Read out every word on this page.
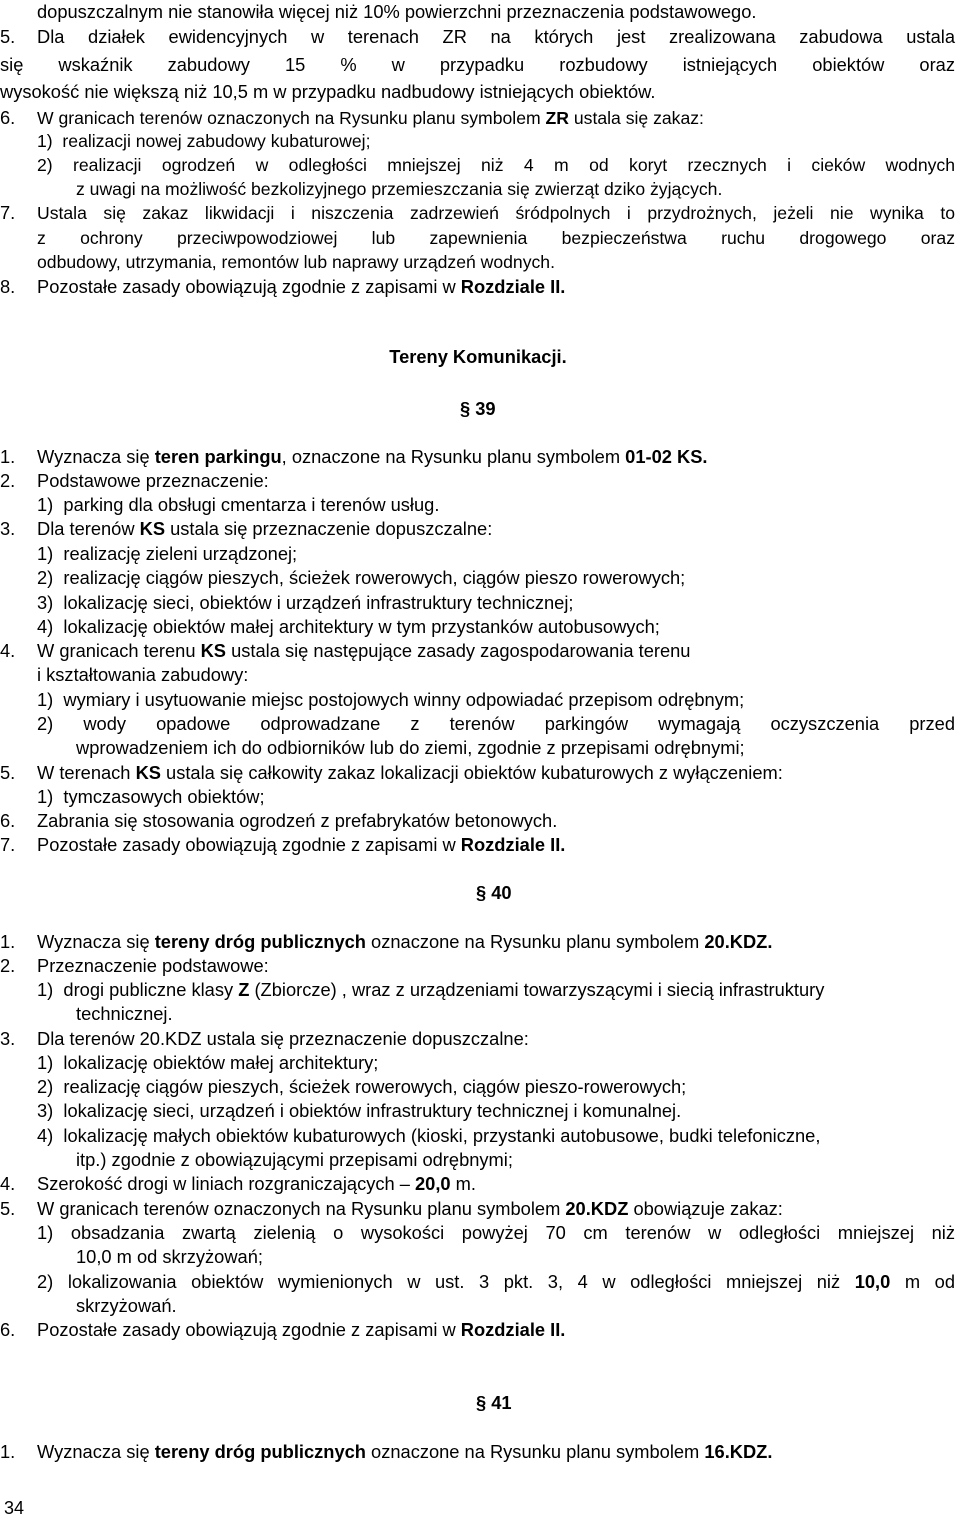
dopuszczalnym nie stanowiła więcej niż 10% powierzchni przeznaczenia podstawowego.
5. Dla działek ewidencyjnych w terenach ZR na których jest zrealizowana zabudowa ustala
się wskaźnik zabudowy 15 % w przypadku rozbudowy istniejących obiektów oraz
wysokość nie większą niż 10,5 m w przypadku nadbudowy istniejących obiektów.
6. W granicach terenów oznaczonych na Rysunku planu symbolem ZR ustala się zakaz:
1)  realizacji nowej zabudowy kubaturowej;
2) realizacji ogrodzeń w odległości mniejszej niż 4 m od koryt rzecznych i cieków wodnych
z uwagi na możliwość bezkolizyjnego przemieszczania się zwierząt dziko żyjących.
7. Ustala się zakaz likwidacji i niszczenia zadrzewień śródpolnych i przydrożnych, jeżeli nie wynika to
z ochrony przeciwpowodziowej lub zapewnienia bezpieczeństwa ruchu drogowego oraz
odbudowy, utrzymania, remontów lub naprawy urządzeń wodnych.
8. Pozostałe zasady obowiązują zgodnie z zapisami w Rozdziale II.
Tereny Komunikacji.
§ 39
1. Wyznacza się teren parkingu, oznaczone na Rysunku planu symbolem 01-02 KS.
2. Podstawowe przeznaczenie:
1)  parking dla obsługi cmentarza i terenów usług.
3. Dla terenów KS ustala się przeznaczenie dopuszczalne:
1)  realizację zieleni urządzonej;
2)  realizację ciągów pieszych, ścieżek rowerowych, ciągów pieszo rowerowych;
3)  lokalizację sieci, obiektów i urządzeń infrastruktury technicznej;
4)  lokalizację obiektów małej architektury w tym przystanków autobusowych;
4. W granicach terenu KS ustala się następujące zasady zagospodarowania terenu
i kształtowania zabudowy:
1)  wymiary i usytuowanie miejsc postojowych winny odpowiadać przepisom odrębnym;
2) wody opadowe odprowadzane z terenów parkingów wymagają oczyszczenia przed
wprowadzeniem ich do odbiorników lub do ziemi, zgodnie z przepisami odrębnymi;
5. W terenach KS ustala się całkowity zakaz lokalizacji obiektów kubaturowych z wyłączeniem:
1)  tymczasowych obiektów;
6. Zabrania się stosowania ogrodzeń z prefabrykatów betonowych.
7. Pozostałe zasady obowiązują zgodnie z zapisami w Rozdziale II.
§ 40
1. Wyznacza się tereny dróg publicznych oznaczone na Rysunku planu symbolem 20.KDZ.
2. Przeznaczenie podstawowe:
1)  drogi publiczne klasy Z (Zbiorcze) , wraz z urządzeniami towarzyszącymi i siecią infrastruktury
technicznej.
3. Dla terenów 20.KDZ ustala się przeznaczenie dopuszczalne:
1)  lokalizację obiektów małej architektury;
2)  realizację ciągów pieszych, ścieżek rowerowych, ciągów pieszo-rowerowych;
3)  lokalizację sieci, urządzeń i obiektów infrastruktury technicznej i komunalnej.
4)  lokalizację małych obiektów kubaturowych (kioski, przystanki autobusowe, budki telefoniczne,
itp.) zgodnie z obowiązującymi przepisami odrębnymi;
4. Szerokość drogi w liniach rozgraniczających – 20,0 m.
5. W granicach terenów oznaczonych na Rysunku planu symbolem 20.KDZ obowiązuje zakaz:
1) obsadzania zwartą zielenią o wysokości powyżej 70 cm terenów w odległości mniejszej niż
10,0 m od skrzyżowań;
2) lokalizowania obiektów wymienionych w ust. 3 pkt. 3, 4 w odległości mniejszej niż 10,0 m od
skrzyżowań.
6. Pozostałe zasady obowiązują zgodnie z zapisami w Rozdziale II.
§ 41
1. Wyznacza się tereny dróg publicznych oznaczone na Rysunku planu symbolem 16.KDZ.
34
